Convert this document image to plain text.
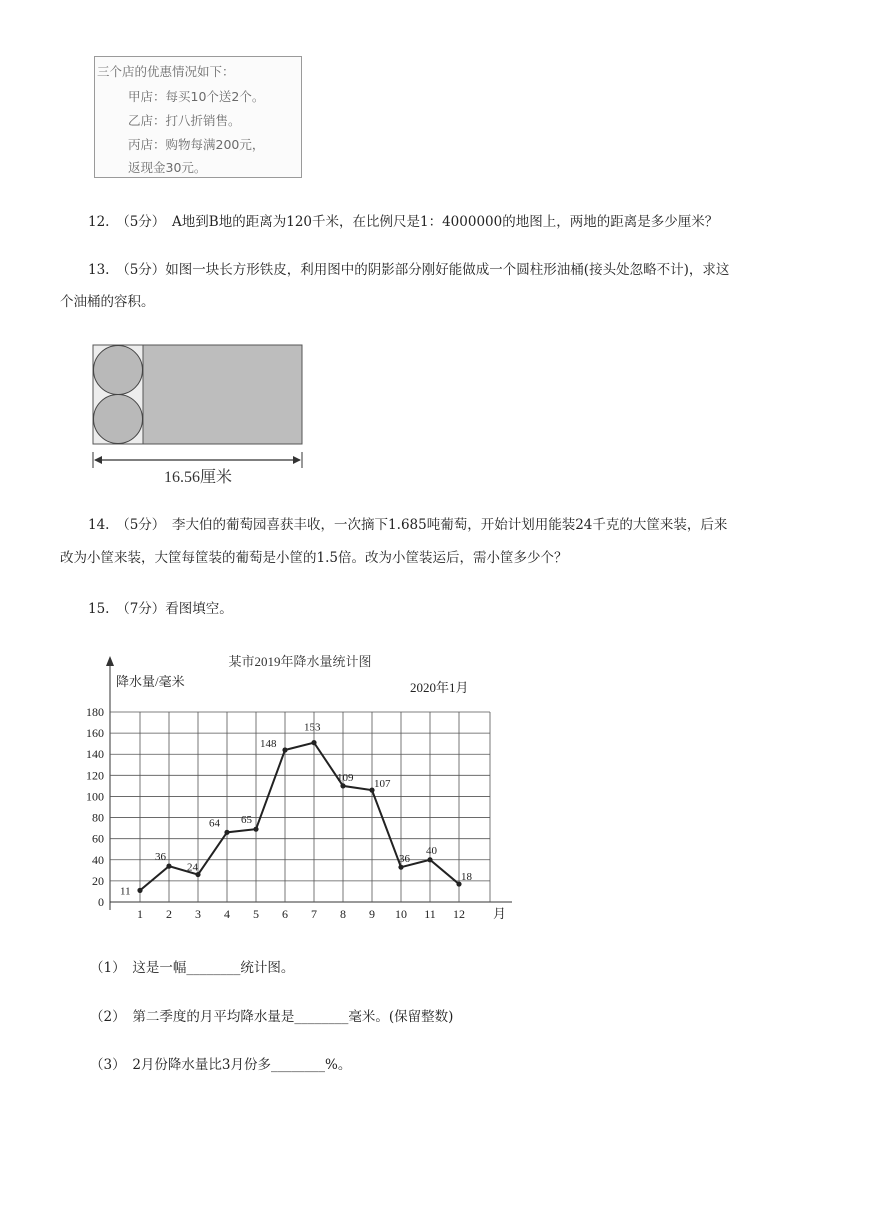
三个店的优惠情况如下：
甲店：每买10个送2个。
乙店：打八折销售。
丙店：购物每满200元，
返现金30元。
12.　（5分）　A地到B地的距离为120千米，在比例尺是1：4000000的地图上，两地的距离是多少厘米？
13.　（5分）如图一块长方形铁皮，利用图中的阴影部分刚好能做成一个圆柱形油桶(接头处忽略不计)，求这
个油桶的容积。
16.56厘米
14.　（5分）　李大伯的葡萄园喜获丰收，一次摘下1.685吨葡萄，开始计划用能装24千克的大筐来装，后来
改为小筐来装，大筐每筐装的葡萄是小筐的1.5倍。改为小筐装运后，需小筐多少个？
15.　（7分）看图填空。
某市2019年降水量统计图
降水量/毫米	2020年1月
月
0
20
40
60
80
100
120
140
160
180
1 2 3 4 5 6 7 8 9 10 11 12
11
36
24
64 65
148
153
109
107
36
40
18
（1）　这是一幅________统计图。
（2）　第二季度的月平均降水量是________毫米。(保留整数)
（3）　2月份降水量比3月份多________%。
